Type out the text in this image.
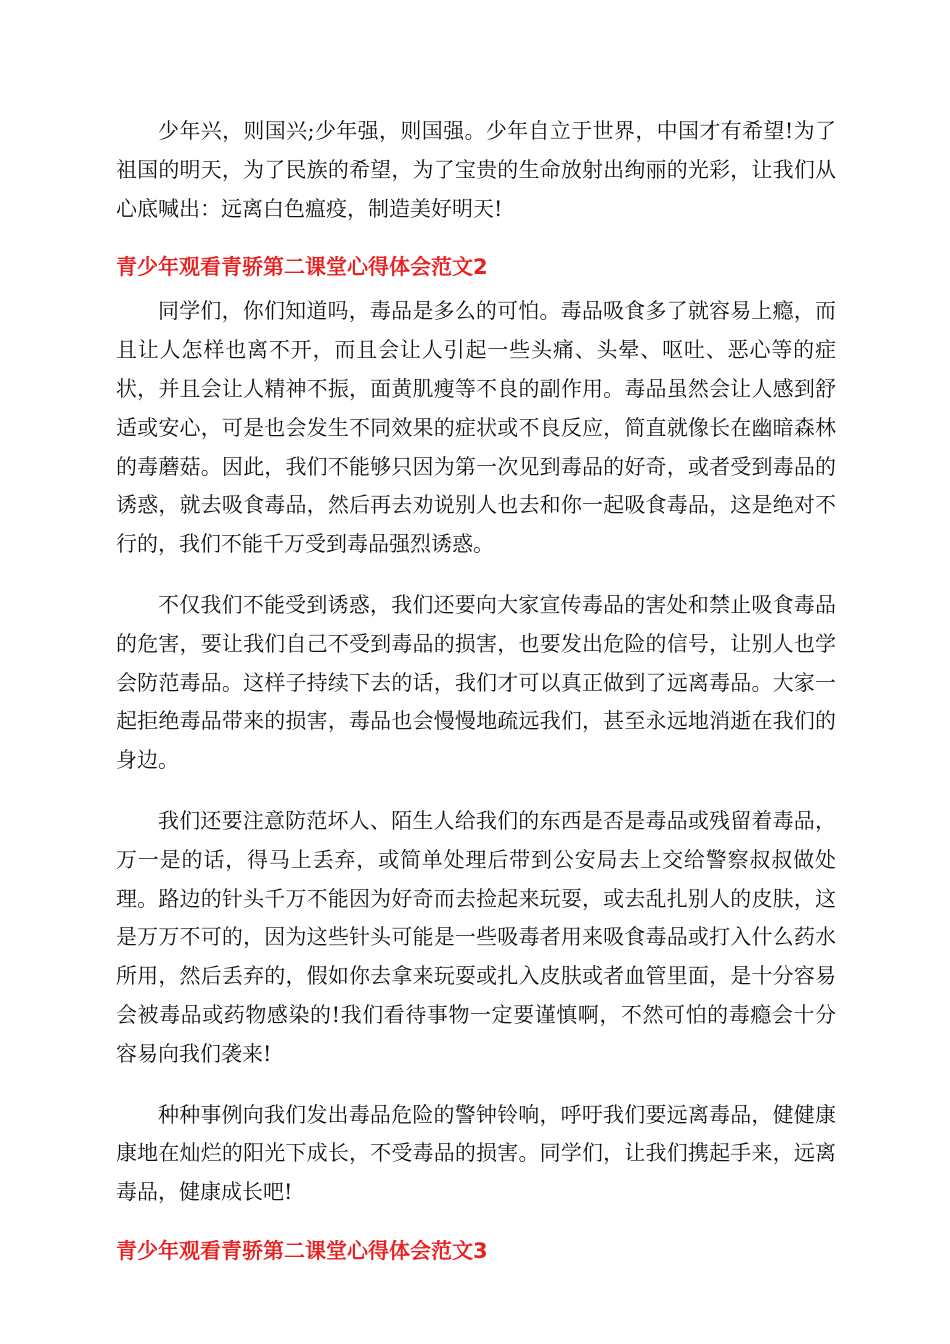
少年兴，则国兴;少年强，则国强。少年自立于世界，中国才有希望!为了祖国的明天，为了民族的希望，为了宝贵的生命放射出绚丽的光彩，让我们从心底喊出：远离白色瘟疫，制造美好明天!

青少年观看青骄第二课堂心得体会范文2

同学们，你们知道吗，毒品是多么的可怕。毒品吸食多了就容易上瘾，而且让人怎样也离不开，而且会让人引起一些头痛、头晕、呕吐、恶心等的症状，并且会让人精神不振，面黄肌瘦等不良的副作用。毒品虽然会让人感到舒适或安心，可是也会发生不同效果的症状或不良反应，简直就像长在幽暗森林的毒蘑菇。因此，我们不能够只因为第一次见到毒品的好奇，或者受到毒品的诱惑，就去吸食毒品，然后再去劝说别人也去和你一起吸食毒品，这是绝对不行的，我们不能千万受到毒品强烈诱惑。

不仅我们不能受到诱惑，我们还要向大家宣传毒品的害处和禁止吸食毒品的危害，要让我们自己不受到毒品的损害，也要发出危险的信号，让别人也学会防范毒品。这样子持续下去的话，我们才可以真正做到了远离毒品。大家一起拒绝毒品带来的损害，毒品也会慢慢地疏远我们，甚至永远地消逝在我们的身边。

我们还要注意防范坏人、陌生人给我们的东西是否是毒品或残留着毒品，万一是的话，得马上丢弃，或简单处理后带到公安局去上交给警察叔叔做处理。路边的针头千万不能因为好奇而去捡起来玩耍，或去乱扎别人的皮肤，这是万万不可的，因为这些针头可能是一些吸毒者用来吸食毒品或打入什么药水所用，然后丢弃的，假如你去拿来玩耍或扎入皮肤或者血管里面，是十分容易会被毒品或药物感染的!我们看待事物一定要谨慎啊，不然可怕的毒瘾会十分容易向我们袭来!

种种事例向我们发出毒品危险的警钟铃响，呼吁我们要远离毒品，健健康康地在灿烂的阳光下成长，不受毒品的损害。同学们，让我们携起手来，远离毒品，健康成长吧!

青少年观看青骄第二课堂心得体会范文3
